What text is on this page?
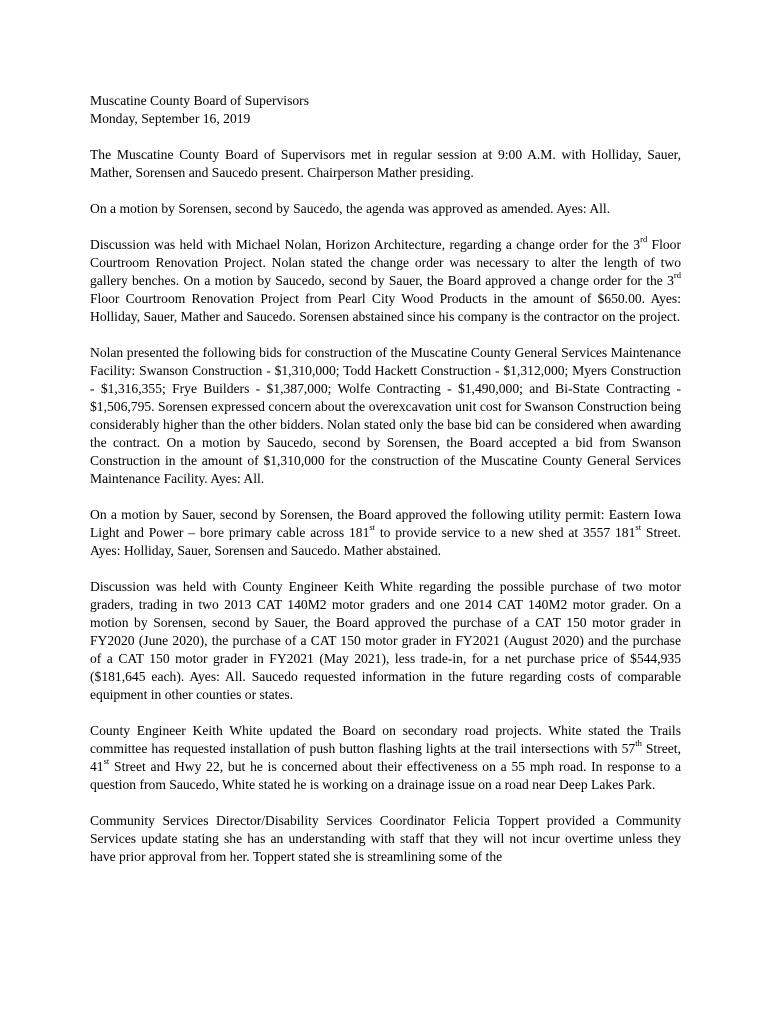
Muscatine County Board of Supervisors
Monday, September 16, 2019

The Muscatine County Board of Supervisors met in regular session at 9:00 A.M. with Holliday, Sauer, Mather, Sorensen and Saucedo present. Chairperson Mather presiding.

On a motion by Sorensen, second by Saucedo, the agenda was approved as amended. Ayes: All.

Discussion was held with Michael Nolan, Horizon Architecture, regarding a change order for the 3rd Floor Courtroom Renovation Project. Nolan stated the change order was necessary to alter the length of two gallery benches. On a motion by Saucedo, second by Sauer, the Board approved a change order for the 3rd Floor Courtroom Renovation Project from Pearl City Wood Products in the amount of $650.00. Ayes: Holliday, Sauer, Mather and Saucedo. Sorensen abstained since his company is the contractor on the project.

Nolan presented the following bids for construction of the Muscatine County General Services Maintenance Facility: Swanson Construction - $1,310,000; Todd Hackett Construction - $1,312,000; Myers Construction - $1,316,355; Frye Builders - $1,387,000; Wolfe Contracting - $1,490,000; and Bi-State Contracting - $1,506,795. Sorensen expressed concern about the overexcavation unit cost for Swanson Construction being considerably higher than the other bidders. Nolan stated only the base bid can be considered when awarding the contract. On a motion by Saucedo, second by Sorensen, the Board accepted a bid from Swanson Construction in the amount of $1,310,000 for the construction of the Muscatine County General Services Maintenance Facility. Ayes: All.

On a motion by Sauer, second by Sorensen, the Board approved the following utility permit: Eastern Iowa Light and Power – bore primary cable across 181st to provide service to a new shed at 3557 181st Street. Ayes: Holliday, Sauer, Sorensen and Saucedo. Mather abstained.

Discussion was held with County Engineer Keith White regarding the possible purchase of two motor graders, trading in two 2013 CAT 140M2 motor graders and one 2014 CAT 140M2 motor grader. On a motion by Sorensen, second by Sauer, the Board approved the purchase of a CAT 150 motor grader in FY2020 (June 2020), the purchase of a CAT 150 motor grader in FY2021 (August 2020) and the purchase of a CAT 150 motor grader in FY2021 (May 2021), less trade-in, for a net purchase price of $544,935 ($181,645 each). Ayes: All. Saucedo requested information in the future regarding costs of comparable equipment in other counties or states.

County Engineer Keith White updated the Board on secondary road projects. White stated the Trails committee has requested installation of push button flashing lights at the trail intersections with 57th Street, 41st Street and Hwy 22, but he is concerned about their effectiveness on a 55 mph road. In response to a question from Saucedo, White stated he is working on a drainage issue on a road near Deep Lakes Park.

Community Services Director/Disability Services Coordinator Felicia Toppert provided a Community Services update stating she has an understanding with staff that they will not incur overtime unless they have prior approval from her. Toppert stated she is streamlining some of the
